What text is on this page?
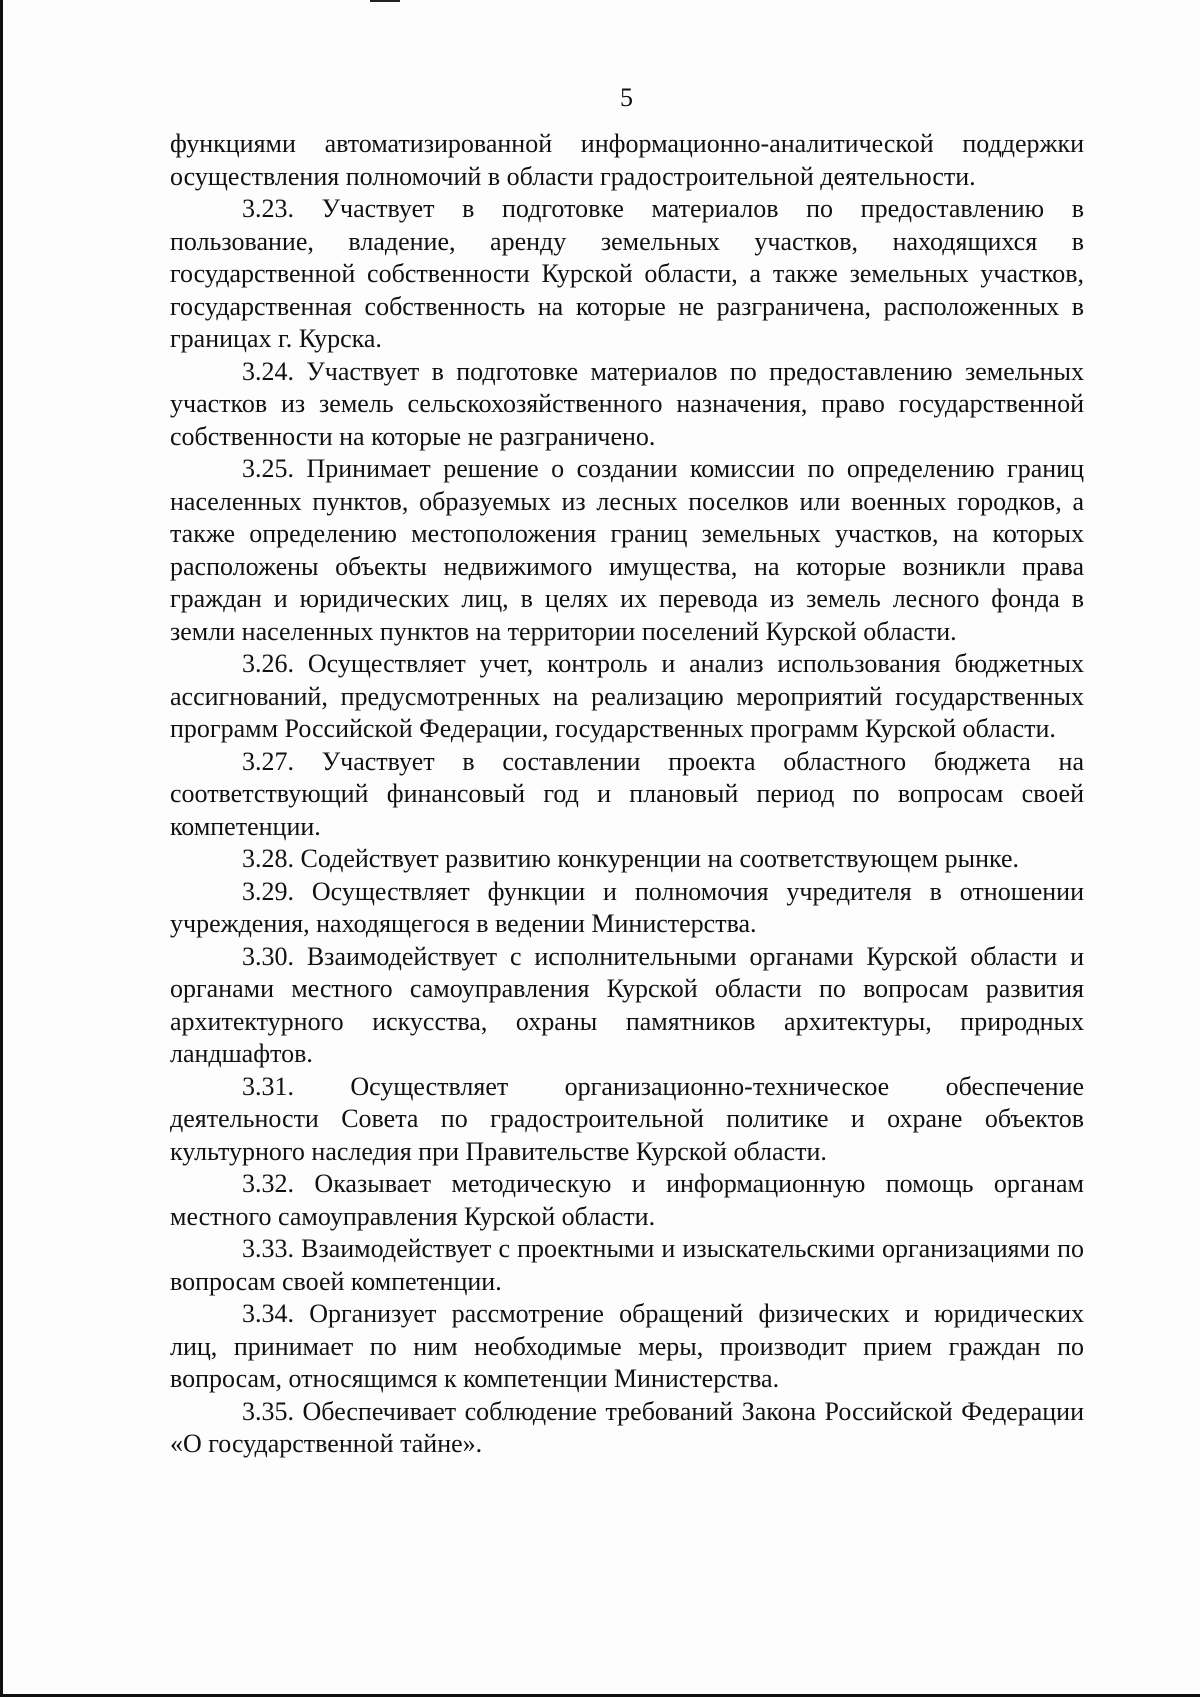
5

функциями автоматизированной информационно-аналитической поддержки осуществления полномочий в области градостроительной деятельности.

3.23. Участвует в подготовке материалов по предоставлению в пользование, владение, аренду земельных участков, находящихся в государственной собственности Курской области, а также земельных участков, государственная собственность на которые не разграничена, расположенных в границах г. Курска.

3.24. Участвует в подготовке материалов по предоставлению земельных участков из земель сельскохозяйственного назначения, право государственной собственности на которые не разграничено.

3.25. Принимает решение о создании комиссии по определению границ населенных пунктов, образуемых из лесных поселков или военных городков, а также определению местоположения границ земельных участков, на которых расположены объекты недвижимого имущества, на которые возникли права граждан и юридических лиц, в целях их перевода из земель лесного фонда в земли населенных пунктов на территории поселений Курской области.

3.26. Осуществляет учет, контроль и анализ использования бюджетных ассигнований, предусмотренных на реализацию мероприятий государственных программ Российской Федерации, государственных программ Курской области.

3.27. Участвует в составлении проекта областного бюджета на соответствующий финансовый год и плановый период по вопросам своей компетенции.

3.28. Содействует развитию конкуренции на соответствующем рынке.

3.29. Осуществляет функции и полномочия учредителя в отношении учреждения, находящегося в ведении Министерства.

3.30. Взаимодействует с исполнительными органами Курской области и органами местного самоуправления Курской области по вопросам развития архитектурного искусства, охраны памятников архитектуры, природных ландшафтов.

3.31. Осуществляет организационно-техническое обеспечение деятельности Совета по градостроительной политике и охране объектов культурного наследия при Правительстве Курской области.

3.32. Оказывает методическую и информационную помощь органам местного самоуправления Курской области.

3.33. Взаимодействует с проектными и изыскательскими организациями по вопросам своей компетенции.

3.34. Организует рассмотрение обращений физических и юридических лиц, принимает по ним необходимые меры, производит прием граждан по вопросам, относящимся к компетенции Министерства.

3.35. Обеспечивает соблюдение требований Закона Российской Федерации «О государственной тайне».
